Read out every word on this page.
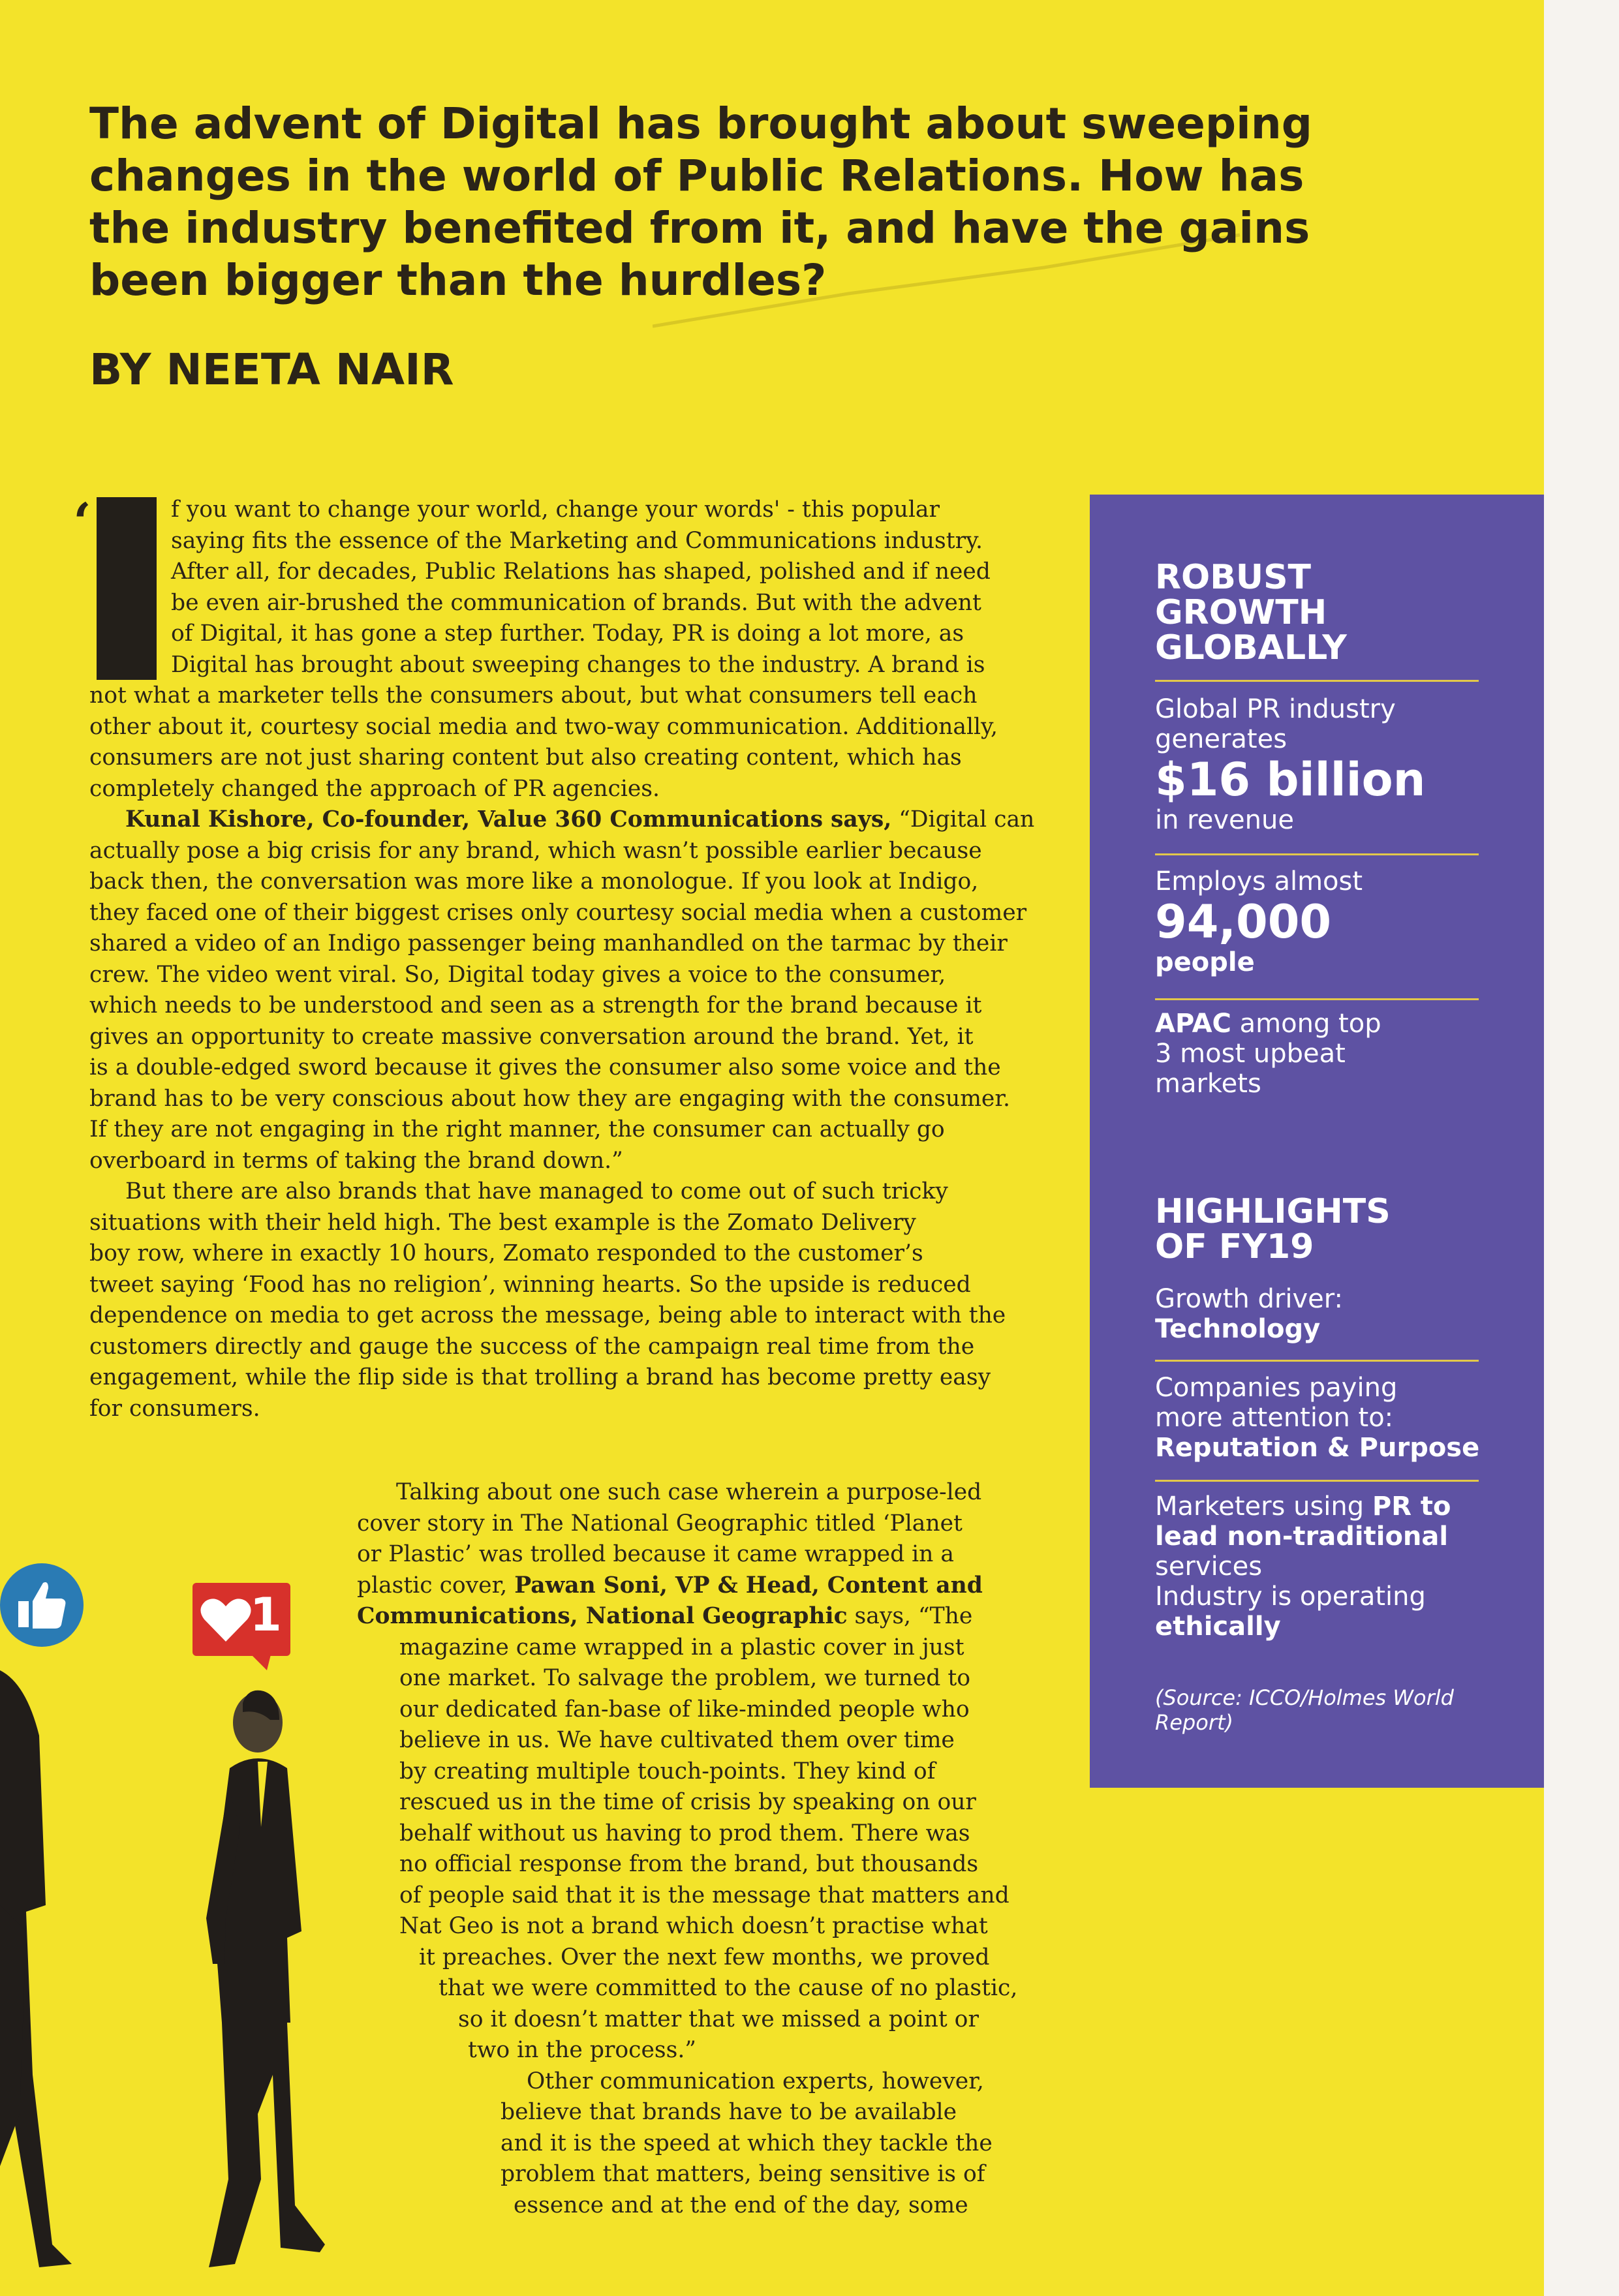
The advent of Digital has brought about sweeping
changes in the world of Public Relations. How has
the industry benefited from it, and have the gains
been bigger than the hurdles?
BY NEETA NAIR
‘	f you want to change your world, change your words' - this popular
saying fits the essence of the Marketing and Communications industry.
After all, for decades, Public Relations has shaped, polished and if need
be even air-brushed the communication of brands. But with the advent
of Digital, it has gone a step further. Today, PR is doing a lot more, as
Digital has brought about sweeping changes to the industry. A brand is
not what a marketer tells the consumers about, but what consumers tell each
other about it, courtesy social media and two-way communication. Additionally,
consumers are not just sharing content but also creating content, which has
completely changed the approach of PR agencies.
Kunal Kishore, Co-founder, Value 360 Communications says, “Digital can
actually pose a big crisis for any brand, which wasn’t possible earlier because
back then, the conversation was more like a monologue. If you look at Indigo,
they faced one of their biggest crises only courtesy social media when a customer
shared a video of an Indigo passenger being manhandled on the tarmac by their
crew. The video went viral. So, Digital today gives a voice to the consumer,
which needs to be understood and seen as a strength for the brand because it
gives an opportunity to create massive conversation around the brand. Yet, it
is a double-edged sword because it gives the consumer also some voice and the
brand has to be very conscious about how they are engaging with the consumer.
If they are not engaging in the right manner, the consumer can actually go
overboard in terms of taking the brand down.”
But there are also brands that have managed to come out of such tricky
situations with their held high. The best example is the Zomato Delivery
boy row, where in exactly 10 hours, Zomato responded to the customer’s
tweet saying ‘Food has no religion’, winning hearts. So the upside is reduced
dependence on media to get across the message, being able to interact with the
customers directly and gauge the success of the campaign real time from the
engagement, while the flip side is that trolling a brand has become pretty easy
for consumers.
Talking about one such case wherein a purpose-led
cover story in The National Geographic titled ‘Planet
or Plastic’ was trolled because it came wrapped in a
plastic cover, Pawan Soni, VP & Head, Content and
Communications, National Geographic says, “The
magazine came wrapped in a plastic cover in just
one market. To salvage the problem, we turned to
our dedicated fan-base of like-minded people who
believe in us. We have cultivated them over time
by creating multiple touch-points. They kind of
rescued us in the time of crisis by speaking on our
behalf without us having to prod them. There was
no official response from the brand, but thousands
of people said that it is the message that matters and
Nat Geo is not a brand which doesn’t practise what
it preaches. Over the next few months, we proved
that we were committed to the cause of no plastic,
so it doesn’t matter that we missed a point or
two in the process.”
Other communication experts, however,
believe that brands have to be available
and it is the speed at which they tackle the
problem that matters, being sensitive is of
essence and at the end of the day, some
ROBUST
GROWTH
GLOBALLY
Global PR industry
generates
$16 billion
in revenue
Employs almost
94,000
people
APAC among top
3 most upbeat
markets
HIGHLIGHTS
OF FY19
Growth driver:
Technology
Companies paying
more attention to:
Reputation & Purpose
Marketers using PR to
lead non-traditional
services
Industry is operating
ethically
(Source: ICCO/Holmes World
Report)
1
